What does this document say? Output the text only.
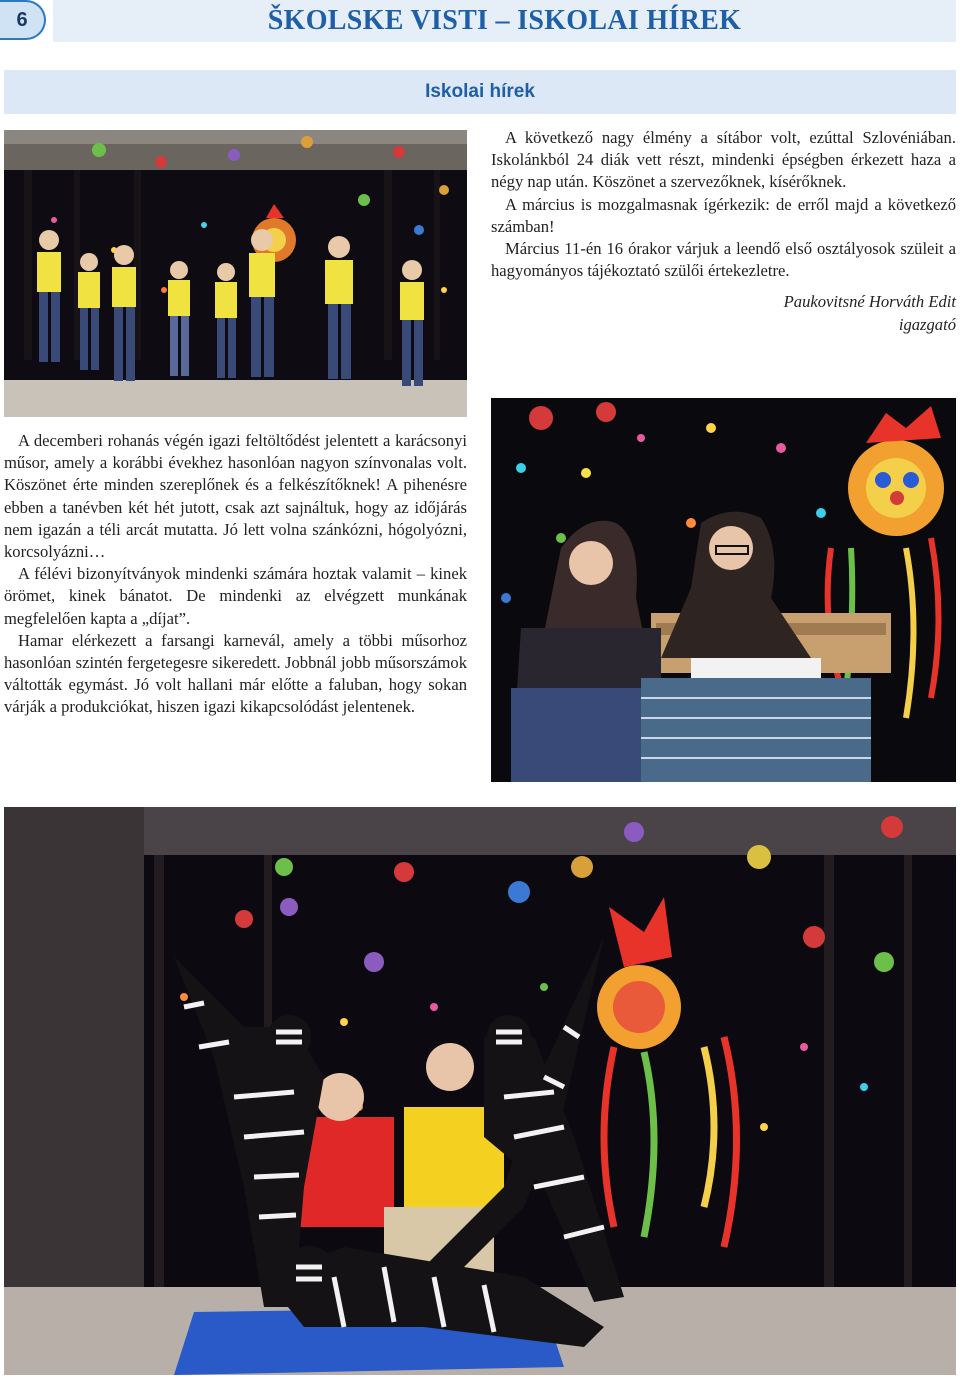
6	ŠKOLSKE VISTI – ISKOLAI HÍREK
Iskolai hírek

A következő nagy élmény a sítábor volt, ezúttal Szlovéniában. Iskolánkból 24 diák vett részt, mindenki épségben érkezett haza a négy nap után. Köszönet a szervezőknek, kísérőknek.

A március is mozgalmasnak ígérkezik: de erről majd a következő számban!

Március 11-én 16 órakor várjuk a leendő első osztályosok szüleit a hagyományos tájékoztató szülői értekezletre.

Paukovitsné Horváth Edit
igazgató

A decemberi rohanás végén igazi feltöltődést jelentett a karácsonyi műsor, amely a korábbi évekhez hasonlóan nagyon színvonalas volt. Köszönet érte minden szereplőnek és a felkészítőknek! A pihenésre ebben a tanévben két hét jutott, csak azt sajnáltuk, hogy az időjárás nem igazán a téli arcát mutatta. Jó lett volna szánkózni, hógolyózni, korcsolyázni…

A félévi bizonyítványok mindenki számára hoztak valamit – kinek örömet, kinek bánatot. De mindenki az elvégzett munkának megfelelően kapta a „díjat”.

Hamar elérkezett a farsangi karnevál, amely a többi műsorhoz hasonlóan szintén fergetegesre sikeredett. Jobbnál jobb műsorszámok váltották egymást. Jó volt hallani már előtte a faluban, hogy sokan várják a produkciókat, hiszen igazi kikapcsolódást jelentenek.
